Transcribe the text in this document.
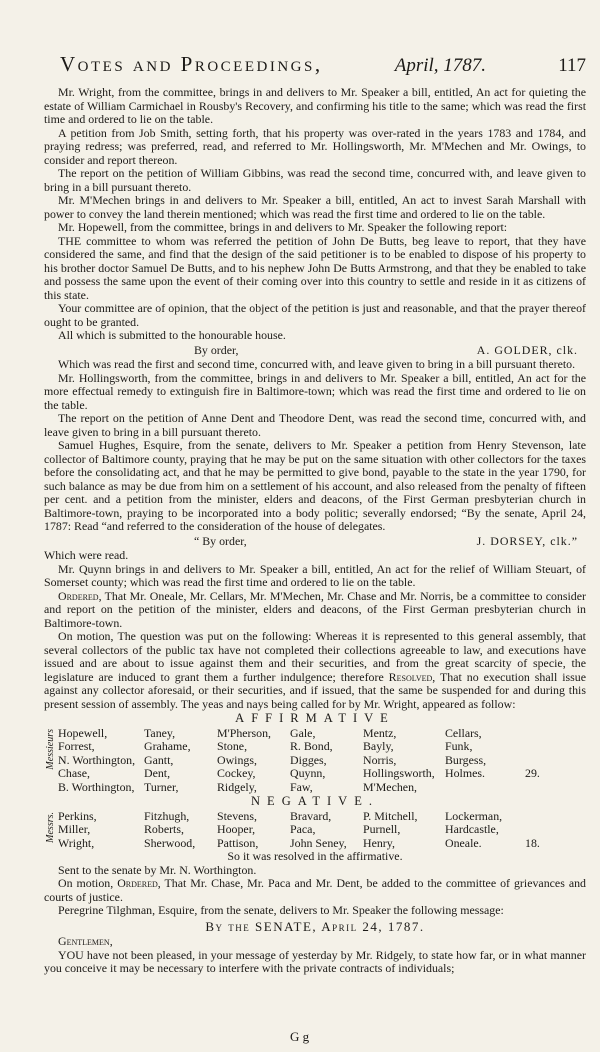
Votes and Proceedings,	April, 1787.	117

Mr. Wright, from the committee, brings in and delivers to Mr. Speaker a bill, entitled, An act for quieting the estate of William Carmichael in Rousby's Recovery, and confirming his title to the same; which was read the first time and ordered to lie on the table.

A petition from Job Smith, setting forth, that his property was over-rated in the years 1783 and 1784, and praying redress; was preferred, read, and referred to Mr. Hollingsworth, Mr. M'Mechen and Mr. Owings, to consider and report thereon.

The report on the petition of William Gibbins, was read the second time, concurred with, and leave given to bring in a bill pursuant thereto.

Mr. M'Mechen brings in and delivers to Mr. Speaker a bill, entitled, An act to invest Sarah Marshall with power to convey the land therein mentioned; which was read the first time and ordered to lie on the table.

Mr. Hopewell, from the committee, brings in and delivers to Mr. Speaker the following report:

THE committee to whom was referred the petition of John De Butts, beg leave to report, that they have considered the same, and find that the design of the said petitioner is to be enabled to dispose of his property to his brother doctor Samuel De Butts, and to his nephew John De Butts Armstrong, and that they be enabled to take and possess the same upon the event of their coming over into this country to settle and reside in it as citizens of this state.

Your committee are of opinion, that the object of the petition is just and reasonable, and that the prayer thereof ought to be granted.

All which is submitted to the honourable house.

By order,	A. GOLDER, clk.

Which was read the first and second time, concurred with, and leave given to bring in a bill pursuant thereto.

Mr. Hollingsworth, from the committee, brings in and delivers to Mr. Speaker a bill, entitled, An act for the more effectual remedy to extinguish fire in Baltimore-town; which was read the first time and ordered to lie on the table.

The report on the petition of Anne Dent and Theodore Dent, was read the second time, concurred with, and leave given to bring in a bill pursuant thereto.

Samuel Hughes, Esquire, from the senate, delivers to Mr. Speaker a petition from Henry Stevenson, late collector of Baltimore county, praying that he may be put on the same situation with other collectors for the taxes before the consolidating act, and that he may be permitted to give bond, payable to the state in the year 1790, for such balance as may be due from him on a settlement of his account, and also released from the penalty of fifteen per cent. and a petition from the minister, elders and deacons, of the First German presbyterian church in Baltimore-town, praying to be incorporated into a body politic; severally endorsed; “By the senate, April 24, 1787: Read “and referred to the consideration of the house of delegates.

“ By order,	J. DORSEY, clk.”

Which were read.

Mr. Quynn brings in and delivers to Mr. Speaker a bill, entitled, An act for the relief of William Steuart, of Somerset county; which was read the first time and ordered to lie on the table.

Ordered, That Mr. Oneale, Mr. Cellars, Mr. M'Mechen, Mr. Chase and Mr. Norris, be a committee to consider and report on the petition of the minister, elders and deacons, of the First German presbyterian church in Baltimore-town.

On motion, The question was put on the following: Whereas it is represented to this general assembly, that several collectors of the public tax have not completed their collections agreeable to law, and executions have issued and are about to issue against them and their securities, and from the great scarcity of specie, the legislature are induced to grant them a further indulgence; therefore Resolved, That no execution shall issue against any collector aforesaid, or their securities, and if issued, that the same be suspended for and during this present session of assembly. The yeas and nays being called for by Mr. Wright, appeared as follow:

AFFIRMATIVE
Messieurs Hopewell,	Taney,	M'Pherson,	Gale,	Mentz,	Cellars,
Forrest,	Grahame,	Stone,	R. Bond,	Bayly,	Funk,
N. Worthington, Gantt,	Owings,	Digges,	Norris,	Burgess,
Chase,	Dent,	Cockey,	Quynn,	Hollingsworth, Holmes.	29.
B. Worthington, Turner,	Ridgely,	Faw,	M'Mechen,
NEGATIVE.
Messrs. Perkins,	Fitzhugh,	Stevens,	Bravard,	P. Mitchell,	Lockerman,
Miller,	Roberts,	Hooper,	Paca,	Purnell,	Hardcastle,
Wright,	Sherwood,	Pattison,	John Seney,	Henry,	Oneale.	18.

So it was resolved in the affirmative.

Sent to the senate by Mr. N. Worthington.

On motion, Ordered, That Mr. Chase, Mr. Paca and Mr. Dent, be added to the committee of grievances and courts of justice.

Peregrine Tilghman, Esquire, from the senate, delivers to Mr. Speaker the following message:

By the SENATE, April 24, 1787.

Gentlemen,

YOU have not been pleased, in your message of yesterday by Mr. Ridgely, to state how far, or in what manner you conceive it may be necessary to interfere with the private contracts of individuals;

G g
